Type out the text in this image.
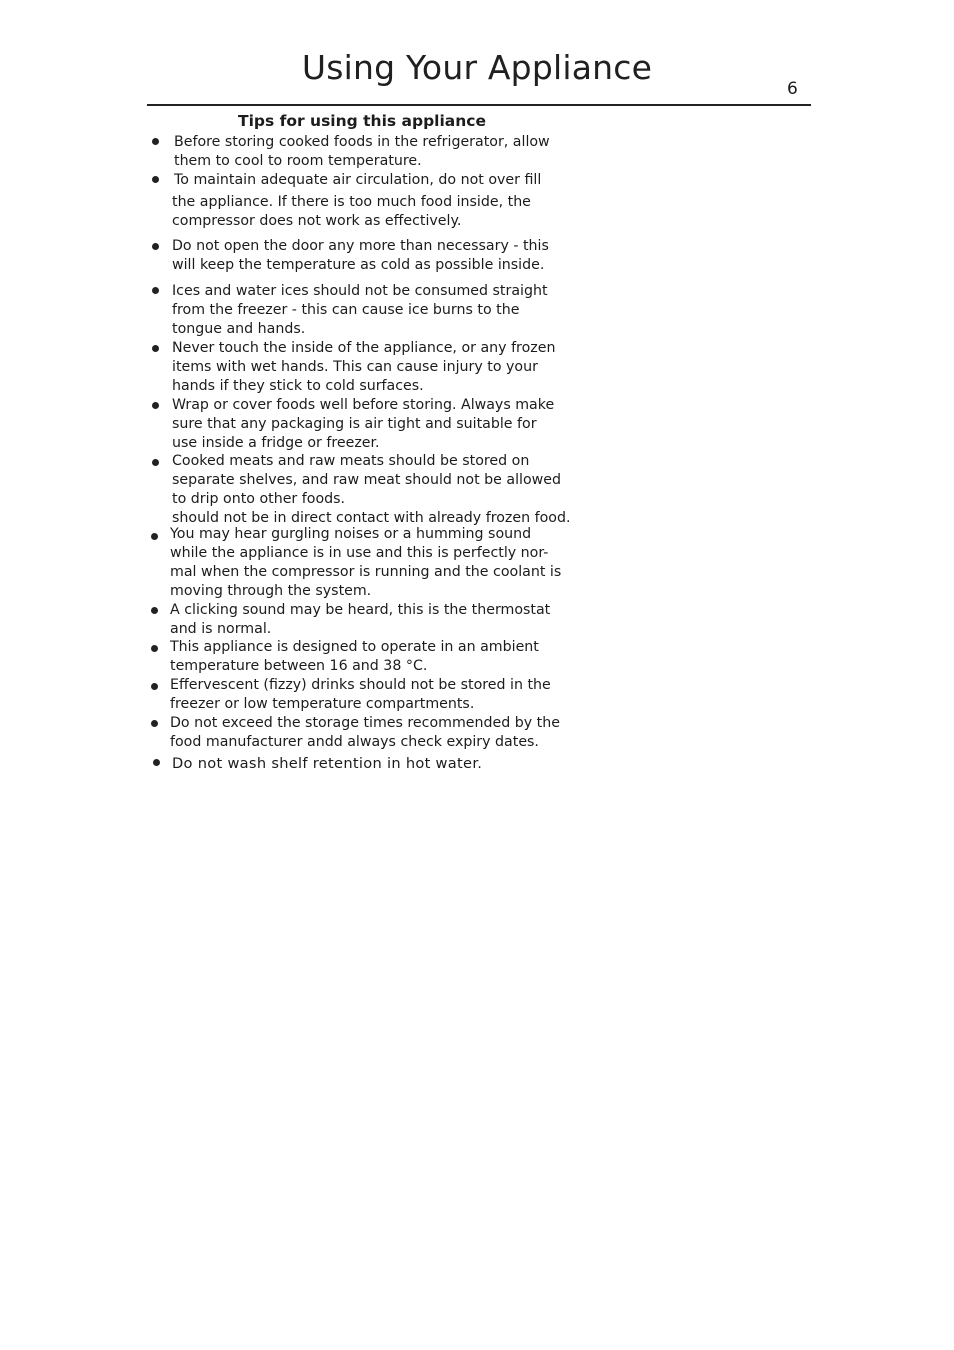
Using Your Appliance
6
Tips for using this appliance
Before storing cooked foods in the refrigerator, allow
them to cool to room temperature.
To maintain adequate air circulation, do not over fill
the appliance. If there is too much food inside, the
compressor does not work as effectively.
Do not open the door any more than necessary - this
will keep the temperature as cold as possible inside.
Ices and water ices should not be consumed straight
from the freezer - this can cause ice burns to the
tongue and hands.
Never touch the inside of the appliance, or any frozen
items with wet hands. This can cause injury to your
hands if they stick to cold surfaces.
Wrap or cover foods well before storing. Always make
sure that any packaging is air tight and suitable for
use inside a fridge or freezer.
Cooked meats and raw meats should be stored on
separate shelves, and raw meat should not be allowed
to drip onto other foods.
should not be in direct contact with already frozen food.
You may hear gurgling noises or a humming sound
while the appliance is in use and this is perfectly nor-
mal when the compressor is running and the coolant is
moving through the system.
A clicking sound may be heard, this is the thermostat
and is normal.
This appliance is designed to operate in an ambient
temperature between 16 and 38 °C.
Effervescent (fizzy) drinks should not be stored in the
freezer or low temperature compartments.
Do not exceed the storage times recommended by the
food manufacturer andd always check expiry dates.
Do not wash shelf retention in hot water.
